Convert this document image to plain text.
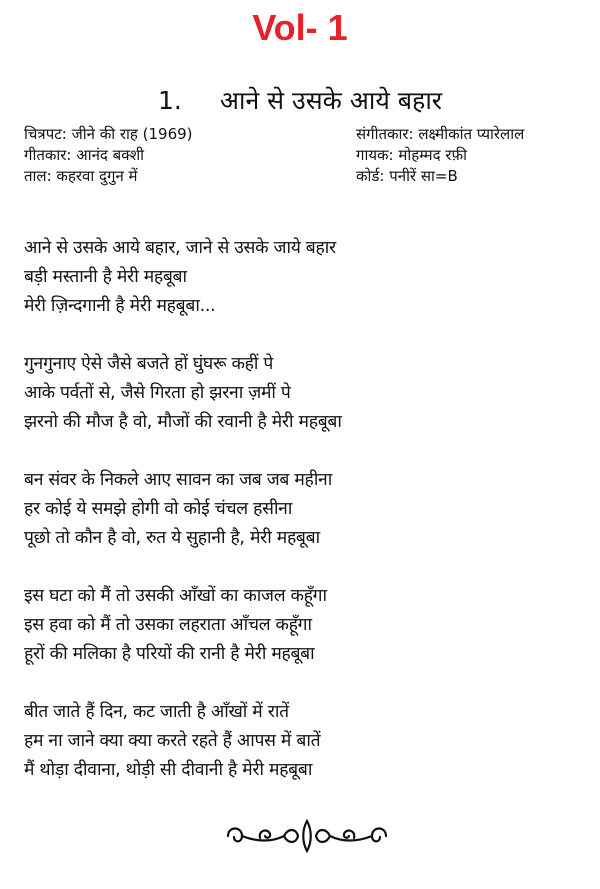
Vol- 1
1. आने से उसके आये बहार
चित्रपट: जीने की राह (1969)
गीतकार: आनंद बक्शी
ताल: कहरवा दुगुन में
संगीतकार: लक्ष्मीकांत प्यारेलाल
गायक: मोहम्मद रफ़ी
कोर्ड: पनीरें सा=B
आने से उसके आये बहार, जाने से उसके जाये बहार
बड़ी मस्तानी है मेरी महबूबा
मेरी ज़िन्दगानी है मेरी महबूबा...
गुनगुनाए ऐसे जैसे बजते हों घुंघरू कहीं पे
आके पर्वतों से, जैसे गिरता हो झरना ज़मीं पे
झरनो की मौज है वो, मौजों की रवानी है मेरी महबूबा
बन संवर के निकले आए सावन का जब जब महीना
हर कोई ये समझे होगी वो कोई चंचल हसीना
पूछो तो कौन है वो, रुत ये सुहानी है, मेरी महबूबा
इस घटा को मैं तो उसकी आँखों का काजल कहूँगा
इस हवा को मैं तो उसका लहराता आँचल कहूँगा
हूरों की मलिका है परियों की रानी है मेरी महबूबा
बीत जाते हैं दिन, कट जाती है आँखों में रातें
हम ना जाने क्या क्या करते रहते हैं आपस में बातें
मैं थोड़ा दीवाना, थोड़ी सी दीवानी है मेरी महबूबा
